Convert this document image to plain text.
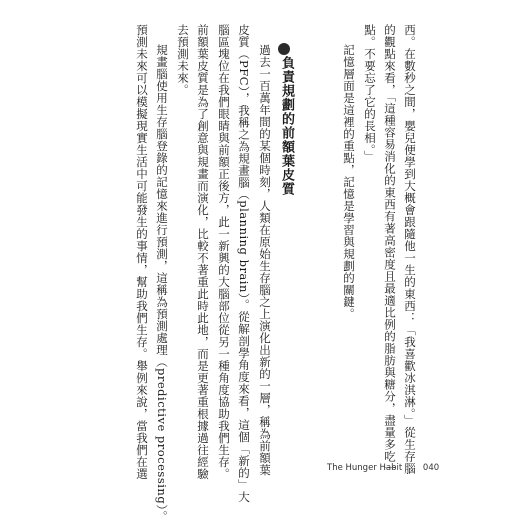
西。在數秒之間，嬰兒便學到大概會跟隨他一生的東西：「我喜歡冰淇淋。」從生存腦

的觀點來看，「這種容易消化的東西有著高密度且最適比例的脂肪與糖分，盡量多吃一

點。不要忘了它的長相。」

記憶層面是這裡的重點，記憶是學習與規劃的關鍵。

負責規劃的前額葉皮質

過去一百萬年間的某個時刻，人類在原始生存腦之上演化出新的一層，稱為前額葉

皮質（PFC），我稱之為規畫腦（planning brain）。從解剖學角度來看，這個「新的」大

腦區塊位在我們眼睛與前額正後方，此一新興的大腦部位從另一種角度協助我們生存。

前額葉皮質是為了創意與規畫而演化，比較不著重此時此地，而是更著重根據過往經驗

去預測未來。

規畫腦使用生存腦登錄的記憶來進行預測，這稱為預測處理（predictive processing）。

預測未來可以模擬現實生活中可能發生的事情，幫助我們生存。舉例來說，當我們在選	The Hunger Habit 040
